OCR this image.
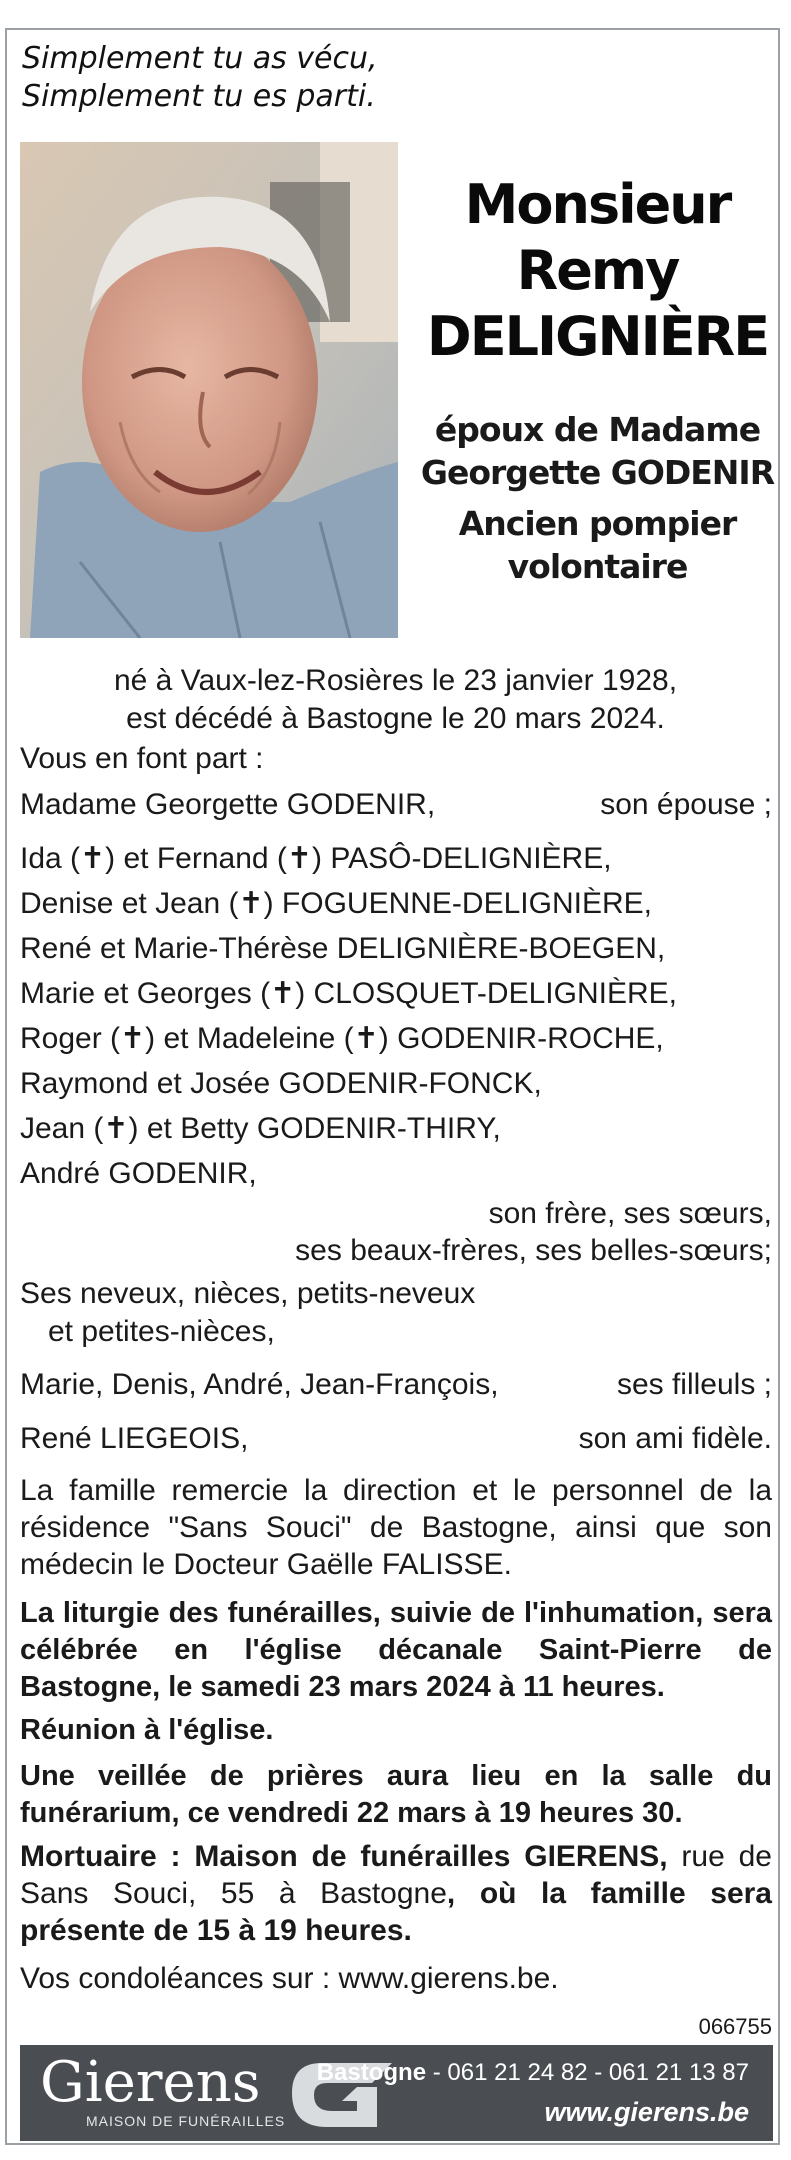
Simplement tu as vécu,
Simplement tu es parti.
Monsieur
Remy
DELIGNIÈRE
époux de Madame
Georgette GODENIR
Ancien pompier
volontaire
né à Vaux-lez-Rosières le 23 janvier 1928,
est décédé à Bastogne le 20 mars 2024.
Vous en font part :
Madame Georgette GODENIR,	son épouse ;
Ida (✝) et Fernand (✝) PASÔ-DELIGNIÈRE,
Denise et Jean (✝) FOGUENNE-DELIGNIÈRE,
René et Marie-Thérèse DELIGNIÈRE-BOEGEN,
Marie et Georges (✝) CLOSQUET-DELIGNIÈRE,
Roger (✝) et Madeleine (✝) GODENIR-ROCHE,
Raymond et Josée GODENIR-FONCK,
Jean (✝) et Betty GODENIR-THIRY,
André GODENIR,
son frère, ses sœurs,
ses beaux-frères, ses belles-sœurs;
Ses neveux, nièces, petits-neveux
et petites-nièces,
Marie, Denis, André, Jean-François,	ses filleuls ;
René LIEGEOIS,	son ami fidèle.
La famille remercie la direction et le personnel de la résidence "Sans Souci" de Bastogne, ainsi que son médecin le Docteur Gaëlle FALISSE.
La liturgie des funérailles, suivie de l'inhumation, sera célébrée en l'église décanale Saint-Pierre de Bastogne, le samedi 23 mars 2024 à 11 heures.
Réunion à l'église.
Une veillée de prières aura lieu en la salle du funérarium, ce vendredi 22 mars à 19 heures 30.
Mortuaire : Maison de funérailles GIERENS, rue de Sans Souci, 55 à Bastogne, où la famille sera présente de 15 à 19 heures.
Vos condoléances sur : www.gierens.be.
066755
Gierens
MAISON DE FUNÉRAILLES
Bastogne - 061 21 24 82 - 061 21 13 87
www.gierens.be
